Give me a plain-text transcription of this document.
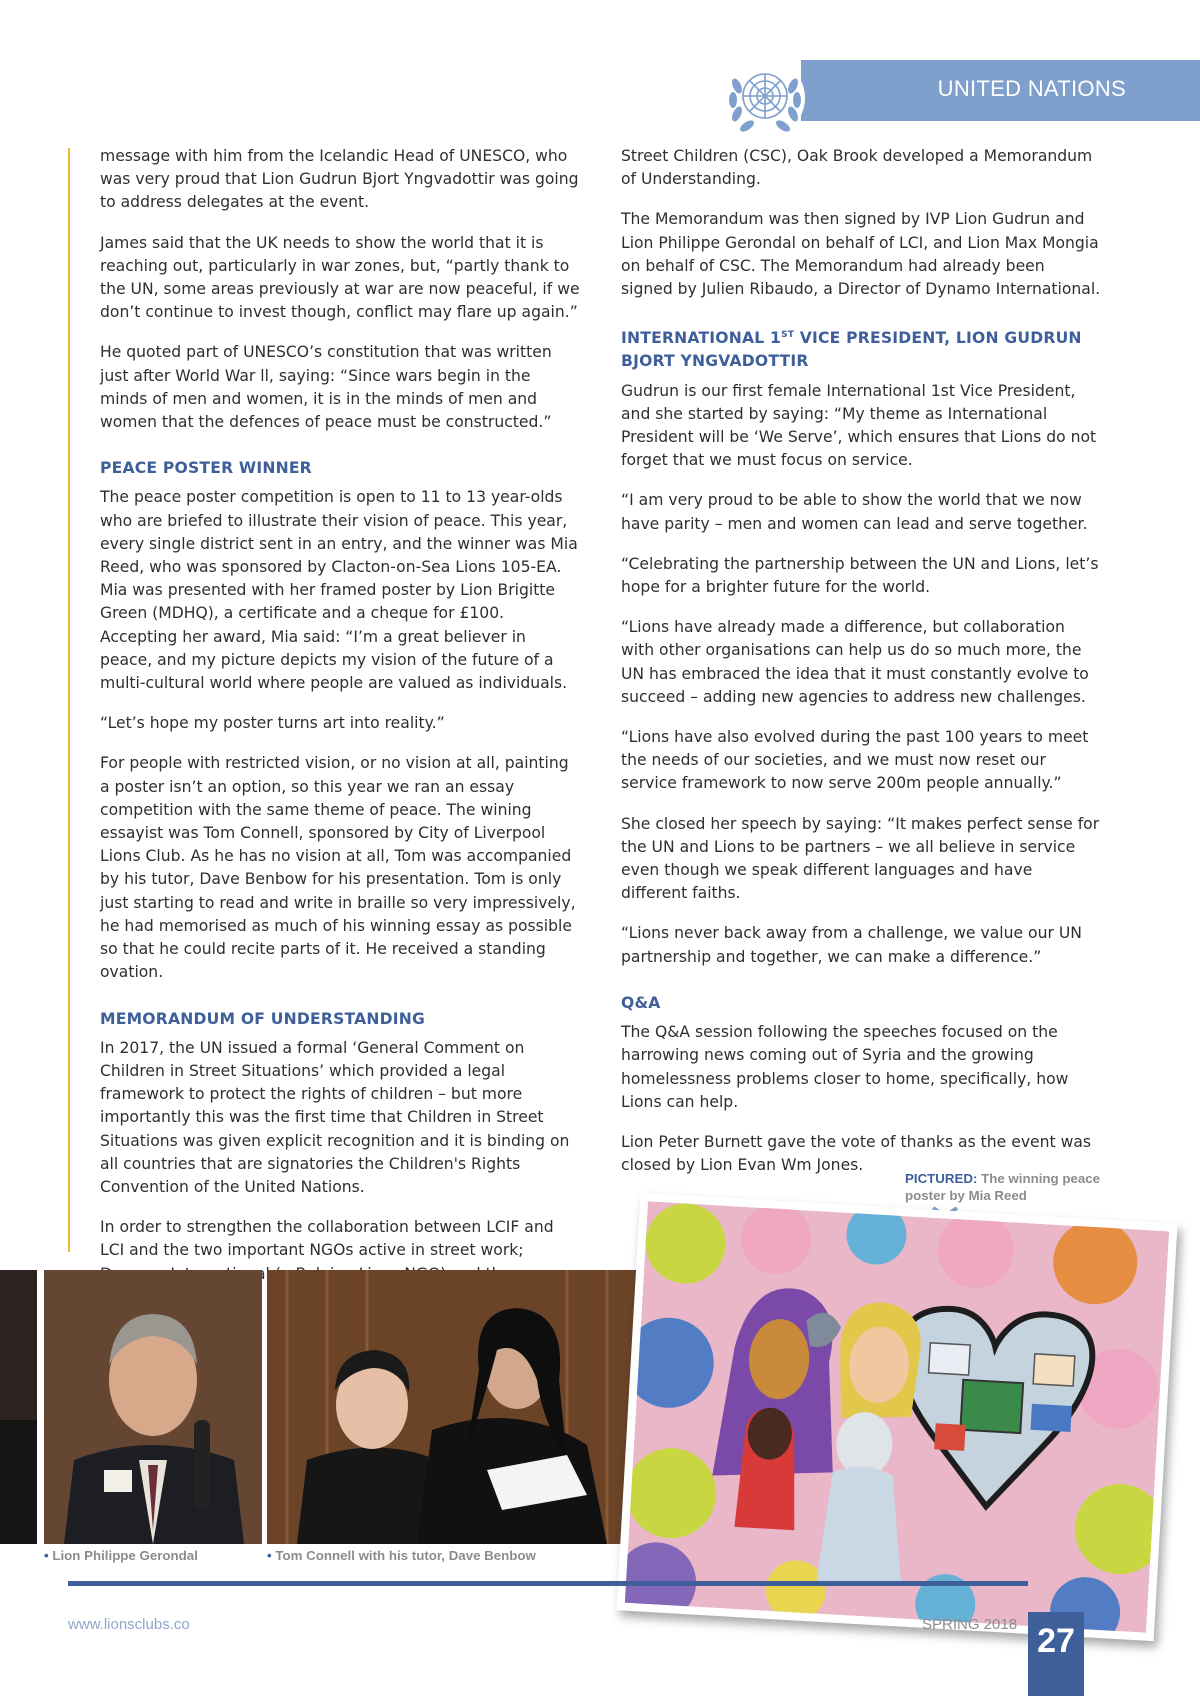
UNITED NATIONS

message with him from the Icelandic Head of UNESCO, who was very proud that Lion Gudrun Bjort Yngvadottir was going to address delegates at the event.

James said that the UK needs to show the world that it is reaching out, particularly in war zones, but, “partly thank to the UN, some areas previously at war are now peaceful, if we don’t continue to invest though, conflict may flare up again.”

He quoted part of UNESCO’s constitution that was written just after World War ll, saying: “Since wars begin in the minds of men and women, it is in the minds of men and women that the defences of peace must be constructed.”

PEACE POSTER WINNER

The peace poster competition is open to 11 to 13 year-olds who are briefed to illustrate their vision of peace. This year, every single district sent in an entry, and the winner was Mia Reed, who was sponsored by Clacton-on-Sea Lions 105-EA. Mia was presented with her framed poster by Lion Brigitte Green (MDHQ), a certificate and a cheque for £100. Accepting her award, Mia said: “I’m a great believer in peace, and my picture depicts my vision of the future of a multi-cultural world where people are valued as individuals.

“Let’s hope my poster turns art into reality.”

For people with restricted vision, or no vision at all, painting a poster isn’t an option, so this year we ran an essay competition with the same theme of peace. The wining essayist was Tom Connell, sponsored by City of Liverpool Lions Club. As he has no vision at all, Tom was accompanied by his tutor, Dave Benbow for his presentation. Tom is only just starting to read and write in braille so very impressively, he had memorised as much of his winning essay as possible so that he could recite parts of it. He received a standing ovation.

MEMORANDUM OF UNDERSTANDING

In 2017, the UN issued a formal ‘General Comment on Children in Street Situations’ which provided a legal framework to protect the rights of children – but more importantly this was the first time that Children in Street Situations was given explicit recognition and it is binding on all countries that are signatories the Children's Rights Convention of the United Nations.

In order to strengthen the collaboration between LCIF and LCI and the two important NGOs active in street work;

Street Children (CSC), Oak Brook developed a Memorandum of Understanding.

The Memorandum was then signed by IVP Lion Gudrun and Lion Philippe Gerondal on behalf of LCI, and Lion Max Mongia on behalf of CSC. The Memorandum had already been signed by Julien Ribaudo, a Director of Dynamo International.

INTERNATIONAL 1ST VICE PRESIDENT, LION GUDRUN BJORT YNGVADOTTIR

Gudrun is our first female International 1st Vice President, and she started by saying: “My theme as International President will be ‘We Serve’, which ensures that Lions do not forget that we must focus on service.

“I am very proud to be able to show the world that we now have parity – men and women can lead and serve together.

“Celebrating the partnership between the UN and Lions, let’s hope for a brighter future for the world.

“Lions have already made a difference, but collaboration with other organisations can help us do so much more, the UN has embraced the idea that it must constantly evolve to succeed – adding new agencies to address new challenges.

“Lions have also evolved during the past 100 years to meet the needs of our societies, and we must now reset our service framework to now serve 200m people annually.”

She closed her speech by saying: “It makes perfect sense for the UN and Lions to be partners – we all believe in service even though we speak different languages and have different faiths.

“Lions never back away from a challenge, we value our UN partnership and together, we can make a difference.”

Q&A

The Q&A session following the speeches focused on the harrowing news coming out of Syria and the growing homelessness problems closer to home, specifically, how Lions can help.

Lion Peter Burnett gave the vote of thanks as the event was closed by Lion Evan Wm Jones.

• Lion Philippe Gerondal	• Tom Connell with his tutor, Dave Benbow
PICTURED: The winning peace poster by Mia Reed
www.lionsclubs.co	SPRING 2018 27
